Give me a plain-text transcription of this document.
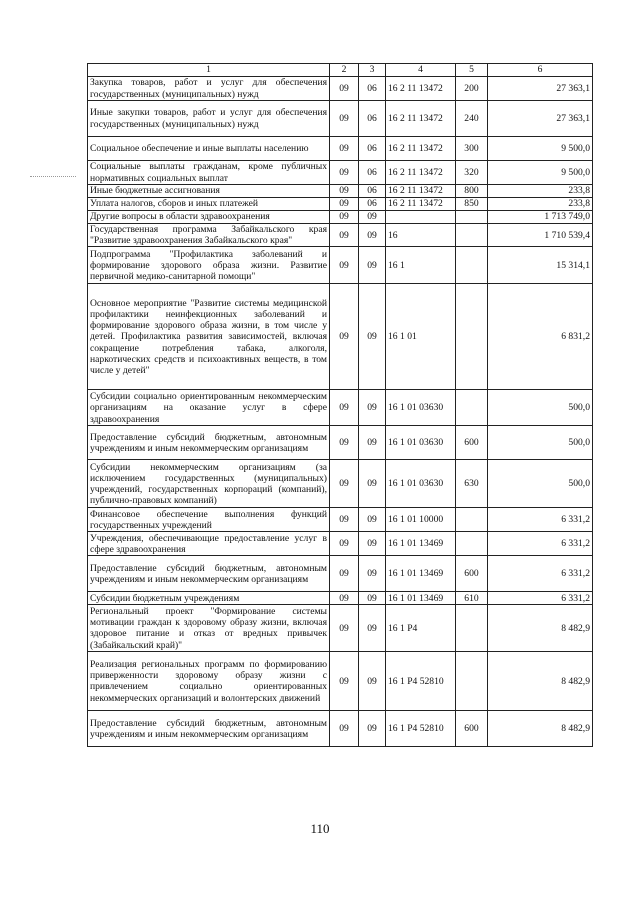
1	2	3	4	5	6
Закупка товаров, работ и услуг для обеспечения государственных (муниципальных) нужд	09	06	16 2 11 13472	200	27 363,1
Иные закупки товаров, работ и услуг для обеспечения государственных (муниципальных) нужд	09	06	16 2 11 13472	240	27 363,1
Социальное обеспечение и иные выплаты населению	09	06	16 2 11 13472	300	9 500,0
Социальные выплаты гражданам, кроме публичных нормативных социальных выплат	09	06	16 2 11 13472	320	9 500,0
Иные бюджетные ассигнования	09	06	16 2 11 13472	800	233,8
Уплата налогов, сборов и иных платежей	09	06	16 2 11 13472	850	233,8
Другие вопросы в области здравоохранения	09	09			1 713 749,0
Государственная программа Забайкальского края "Развитие здравоохранения Забайкальского края"	09	09	16		1 710 539,4
Подпрограмма "Профилактика заболеваний и формирование здорового образа жизни. Развитие первичной медико-санитарной помощи"	09	09	16 1		15 314,1
Основное мероприятие "Развитие системы медицинской профилактики неинфекционных заболеваний и формирование здорового образа жизни, в том числе у детей. Профилактика развития зависимостей, включая сокращение потребления табака, алкоголя, наркотических средств и психоактивных веществ, в том числе у детей"	09	09	16 1 01		6 831,2
Субсидии социально ориентированным некоммерческим организациям на оказание услуг в сфере здравоохранения	09	09	16 1 01 03630		500,0
Предоставление субсидий бюджетным, автономным учреждениям и иным некоммерческим организациям	09	09	16 1 01 03630	600	500,0
Субсидии некоммерческим организациям (за исключением государственных (муниципальных) учреждений, государственных корпораций (компаний), публично-правовых компаний)	09	09	16 1 01 03630	630	500,0
Финансовое обеспечение выполнения функций государственных учреждений	09	09	16 1 01 10000		6 331,2
Учреждения, обеспечивающие предоставление услуг в сфере здравоохранения	09	09	16 1 01 13469		6 331,2
Предоставление субсидий бюджетным, автономным учреждениям и иным некоммерческим организациям	09	09	16 1 01 13469	600	6 331,2
Субсидии бюджетным учреждениям	09	09	16 1 01 13469	610	6 331,2
Региональный проект "Формирование системы мотивации граждан к здоровому образу жизни, включая здоровое питание и отказ от вредных привычек (Забайкальский край)"	09	09	16 1 P4		8 482,9
Реализация региональных программ по формированию приверженности здоровому образу жизни с привлечением социально ориентированных некоммерческих организаций и волонтерских движений	09	09	16 1 P4 52810		8 482,9
Предоставление субсидий бюджетным, автономным учреждениям и иным некоммерческим организациям	09	09	16 1 P4 52810	600	8 482,9
110
